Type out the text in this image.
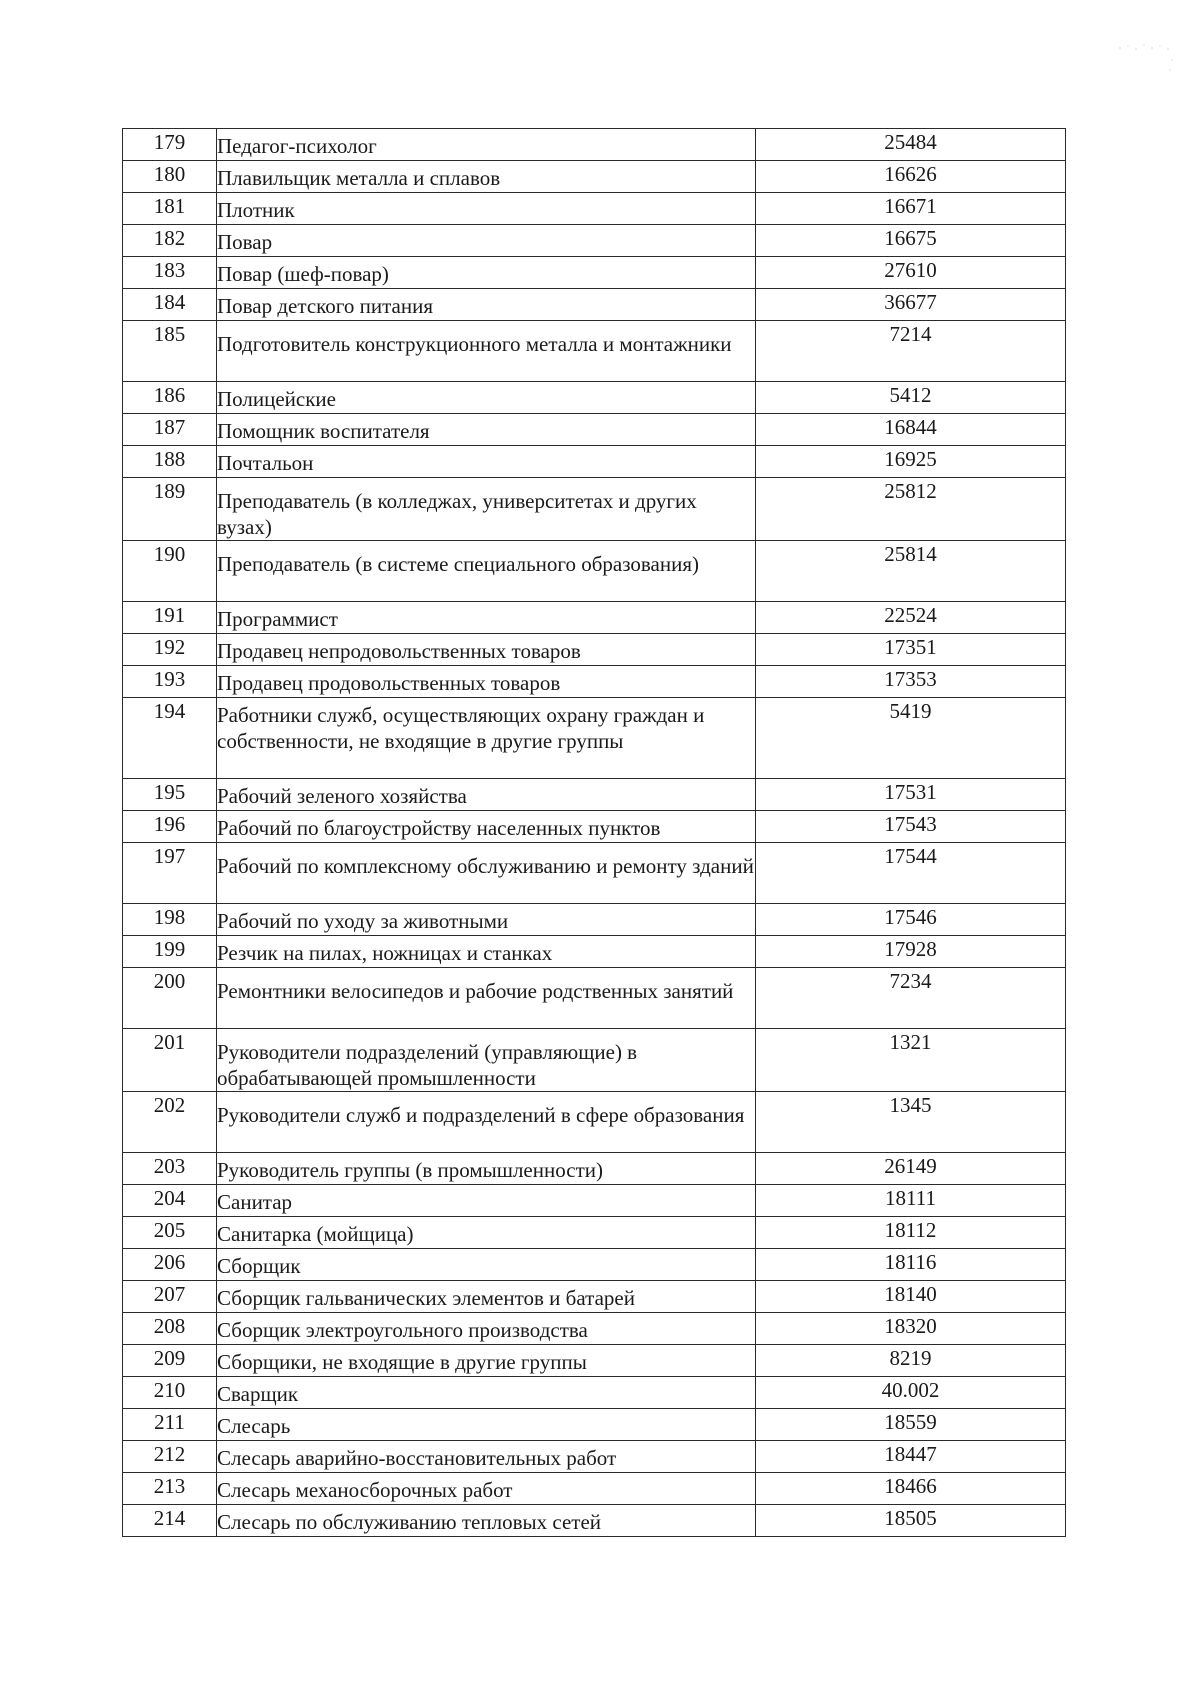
179	Педагог-психолог	25484
180	Плавильщик металла и сплавов	16626
181	Плотник	16671
182	Повар	16675
183	Повар (шеф-повар)	27610
184	Повар детского питания	36677
185	Подготовитель конструкционного металла и монтажники	7214
186	Полицейские	5412
187	Помощник воспитателя	16844
188	Почтальон	16925
189	Преподаватель (в колледжах, университетах и других вузах)	25812
190	Преподаватель (в системе специального образования)	25814
191	Программист	22524
192	Продавец непродовольственных товаров	17351
193	Продавец продовольственных товаров	17353
194	Работники служб, осуществляющих охрану граждан и собственности, не входящие в другие группы	5419
195	Рабочий зеленого хозяйства	17531
196	Рабочий по благоустройству населенных пунктов	17543
197	Рабочий по комплексному обслуживанию и ремонту зданий	17544
198	Рабочий по уходу за животными	17546
199	Резчик на пилах, ножницах и станках	17928
200	Ремонтники велосипедов и рабочие родственных занятий	7234
201	Руководители подразделений (управляющие) в обрабатывающей промышленности	1321
202	Руководители служб и подразделений в сфере образования	1345
203	Руководитель группы (в промышленности)	26149
204	Санитар	18111
205	Санитарка (мойщица)	18112
206	Сборщик	18116
207	Сборщик гальванических элементов и батарей	18140
208	Сборщик электроугольного производства	18320
209	Сборщики, не входящие в другие группы	8219
210	Сварщик	40.002
211	Слесарь	18559
212	Слесарь аварийно-восстановительных работ	18447
213	Слесарь механосборочных работ	18466
214	Слесарь по обслуживанию тепловых сетей	18505
